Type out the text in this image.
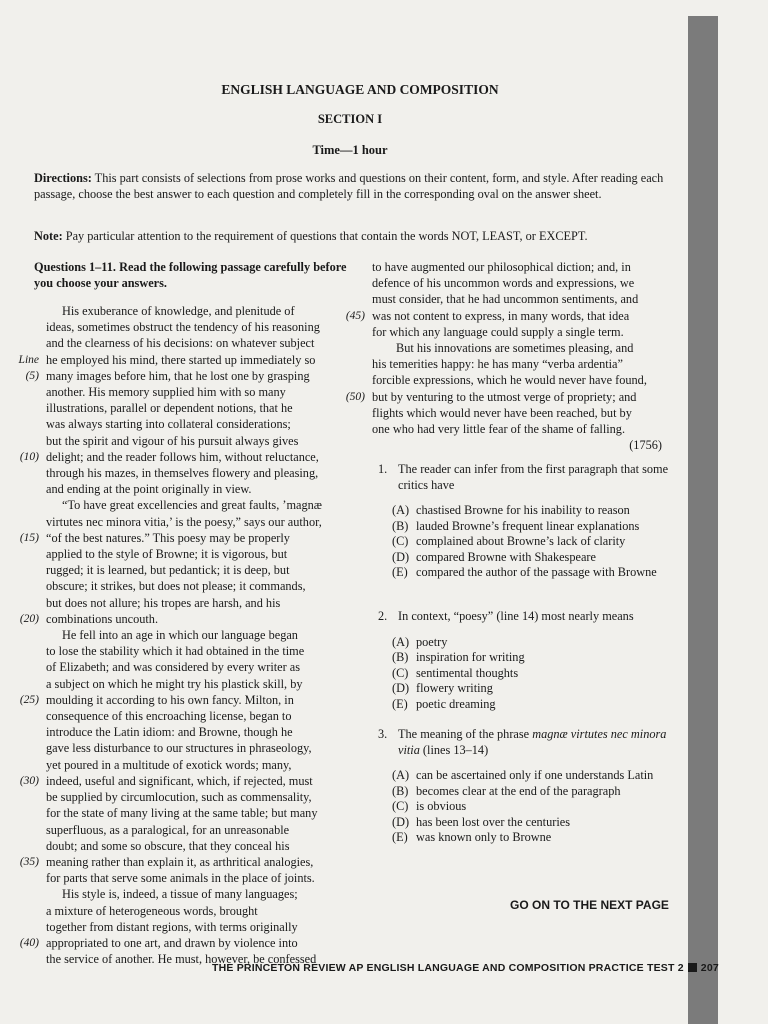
ENGLISH LANGUAGE AND COMPOSITION
SECTION I
Time—1 hour
Directions: This part consists of selections from prose works and questions on their content, form, and style. After reading each passage, choose the best answer to each question and completely fill in the corresponding oval on the answer sheet.
Note: Pay particular attention to the requirement of questions that contain the words NOT, LEAST, or EXCEPT.
Questions 1–11. Read the following passage carefully before you choose your answers.
His exuberance of knowledge, and plenitude of
ideas, sometimes obstruct the tendency of his reasoning
and the clearness of his decisions: on whatever subject
Line he employed his mind, there started up immediately so
(5) many images before him, that he lost one by grasping
another. His memory supplied him with so many
illustrations, parallel or dependent notions, that he
was always starting into collateral considerations;
but the spirit and vigour of his pursuit always gives
(10) delight; and the reader follows him, without reluctance,
through his mazes, in themselves flowery and pleasing,
and ending at the point originally in view.
“To have great excellencies and great faults, ’magnæ
virtutes nec minora vitia,’ is the poesy,” says our author,
(15) “of the best natures.” This poesy may be properly
applied to the style of Browne; it is vigorous, but
rugged; it is learned, but pedantick; it is deep, but
obscure; it strikes, but does not please; it commands,
but does not allure; his tropes are harsh, and his
(20) combinations uncouth.
He fell into an age in which our language began
to lose the stability which it had obtained in the time
of Elizabeth; and was considered by every writer as
a subject on which he might try his plastick skill, by
(25) moulding it according to his own fancy. Milton, in
consequence of this encroaching license, began to
introduce the Latin idiom: and Browne, though he
gave less disturbance to our structures in phraseology,
yet poured in a multitude of exotick words; many,
(30) indeed, useful and significant, which, if rejected, must
be supplied by circumlocution, such as commensality,
for the state of many living at the same table; but many
superfluous, as a paralogical, for an unreasonable
doubt; and some so obscure, that they conceal his
(35) meaning rather than explain it, as arthritical analogies,
for parts that serve some animals in the place of joints.
His style is, indeed, a tissue of many languages;
a mixture of heterogeneous words, brought
together from distant regions, with terms originally
(40) appropriated to one art, and drawn by violence into
the service of another. He must, however, be confessed
to have augmented our philosophical diction; and, in
defence of his uncommon words and expressions, we
must consider, that he had uncommon sentiments, and
(45) was not content to express, in many words, that idea
for which any language could supply a single term.
But his innovations are sometimes pleasing, and
his temerities happy: he has many “verba ardentia”
forcible expressions, which he would never have found,
(50) but by venturing to the utmost verge of propriety; and
flights which would never have been reached, but by
one who had very little fear of the shame of falling.
(1756)
1. The reader can infer from the first paragraph that some critics have
(A) chastised Browne for his inability to reason
(B) lauded Browne’s frequent linear explanations
(C) complained about Browne’s lack of clarity
(D) compared Browne with Shakespeare
(E) compared the author of the passage with Browne
2. In context, “poesy” (line 14) most nearly means
(A) poetry
(B) inspiration for writing
(C) sentimental thoughts
(D) flowery writing
(E) poetic dreaming
3. The meaning of the phrase magnæ virtutes nec minora vitia (lines 13–14)
(A) can be ascertained only if one understands Latin
(B) becomes clear at the end of the paragraph
(C) is obvious
(D) has been lost over the centuries
(E) was known only to Browne
GO ON TO THE NEXT PAGE
THE PRINCETON REVIEW AP ENGLISH LANGUAGE AND COMPOSITION PRACTICE TEST 2 207
